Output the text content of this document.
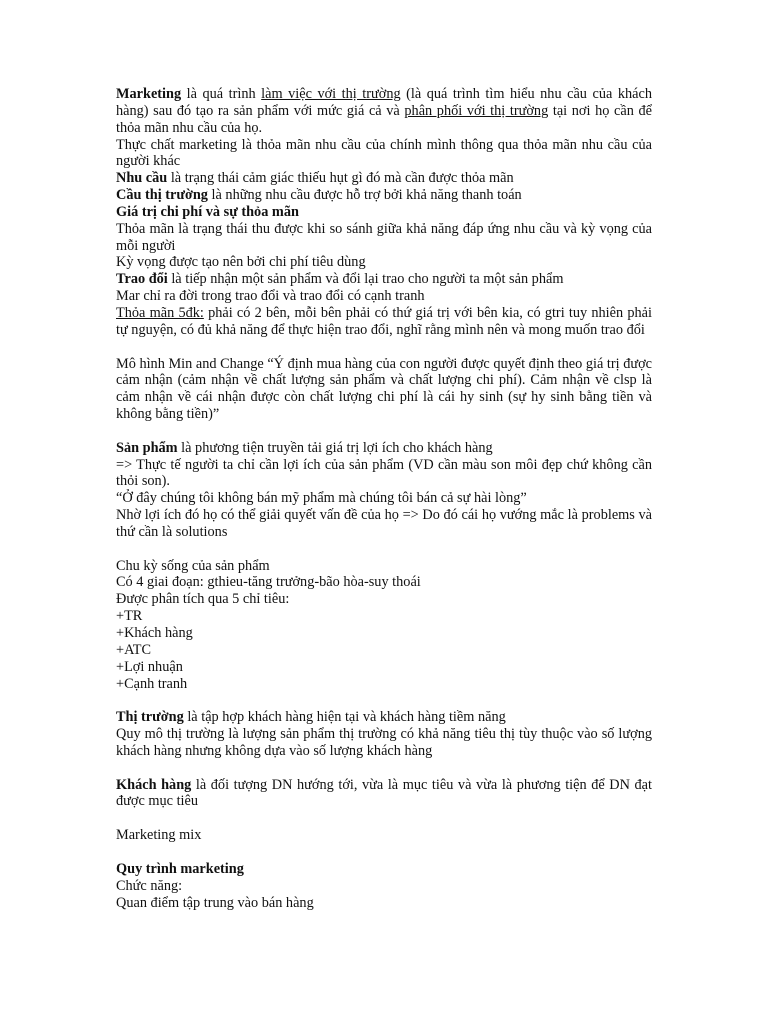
Marketing là quá trình làm việc với thị trường (là quá trình tìm hiểu nhu cầu của khách hàng) sau đó tạo ra sản phẩm với mức giá cả và phân phối với thị trường tại nơi họ cần để thỏa mãn nhu cầu của họ.

Thực chất marketing là thỏa mãn nhu cầu của chính mình thông qua thỏa mãn nhu cầu của người khác

Nhu cầu là trạng thái cảm giác thiếu hụt gì đó mà cần được thỏa mãn

Cầu thị trường là những nhu cầu được hỗ trợ bởi khả năng thanh toán

Giá trị chi phí và sự thỏa mãn

Thỏa mãn là trạng thái thu được khi so sánh giữa khả năng đáp ứng nhu cầu và kỳ vọng của mỗi người

Kỳ vọng được tạo nên bởi chi phí tiêu dùng

Trao đổi là tiếp nhận một sản phẩm và đổi lại trao cho người ta một sản phẩm

Mar chỉ ra đời trong trao đổi và trao đổi có cạnh tranh

Thỏa mãn 5đk: phải có 2 bên, mỗi bên phải có thứ giá trị với bên kia, có gtri tuy nhiên phải tự nguyện, có đủ khả năng để thực hiện trao đổi, nghĩ rằng mình nên và mong muốn trao đổi

Mô hình Min and Change “Ý định mua hàng của con người được quyết định theo giá trị được cảm nhận (cảm nhận về chất lượng sản phẩm và chất lượng chi phí). Cảm nhận về clsp là cảm nhận về cái nhận được còn chất lượng chi phí là cái hy sinh (sự hy sinh bằng tiền và không bằng tiền)”

Sản phẩm là phương tiện truyền tải giá trị lợi ích cho khách hàng

=> Thực tế người ta chỉ cần lợi ích của sản phẩm (VD cần màu son môi đẹp chứ không cần thỏi son).

“Ở đây chúng tôi không bán mỹ phẩm mà chúng tôi bán cả sự hài lòng”

Nhờ lợi ích đó họ có thể giải quyết vấn đề của họ => Do đó cái họ vướng mắc là problems và thứ cần là solutions

Chu kỳ sống của sản phẩm

Có 4 giai đoạn: gthieu-tăng trưởng-bão hòa-suy thoái

Được phân tích qua 5 chỉ tiêu:

+TR

+Khách hàng

+ATC

+Lợi nhuận

+Cạnh tranh

Thị trường là tập hợp khách hàng hiện tại và khách hàng tiềm năng

Quy mô thị trường là lượng sản phẩm thị trường có khả năng tiêu thị tùy thuộc vào số lượng khách hàng nhưng không dựa vào số lượng khách hàng

Khách hàng là đối tượng DN hướng tới, vừa là mục tiêu và vừa là phương tiện để DN đạt được mục tiêu

Marketing mix

Quy trình marketing

Chức năng:

Quan điểm tập trung vào bán hàng
